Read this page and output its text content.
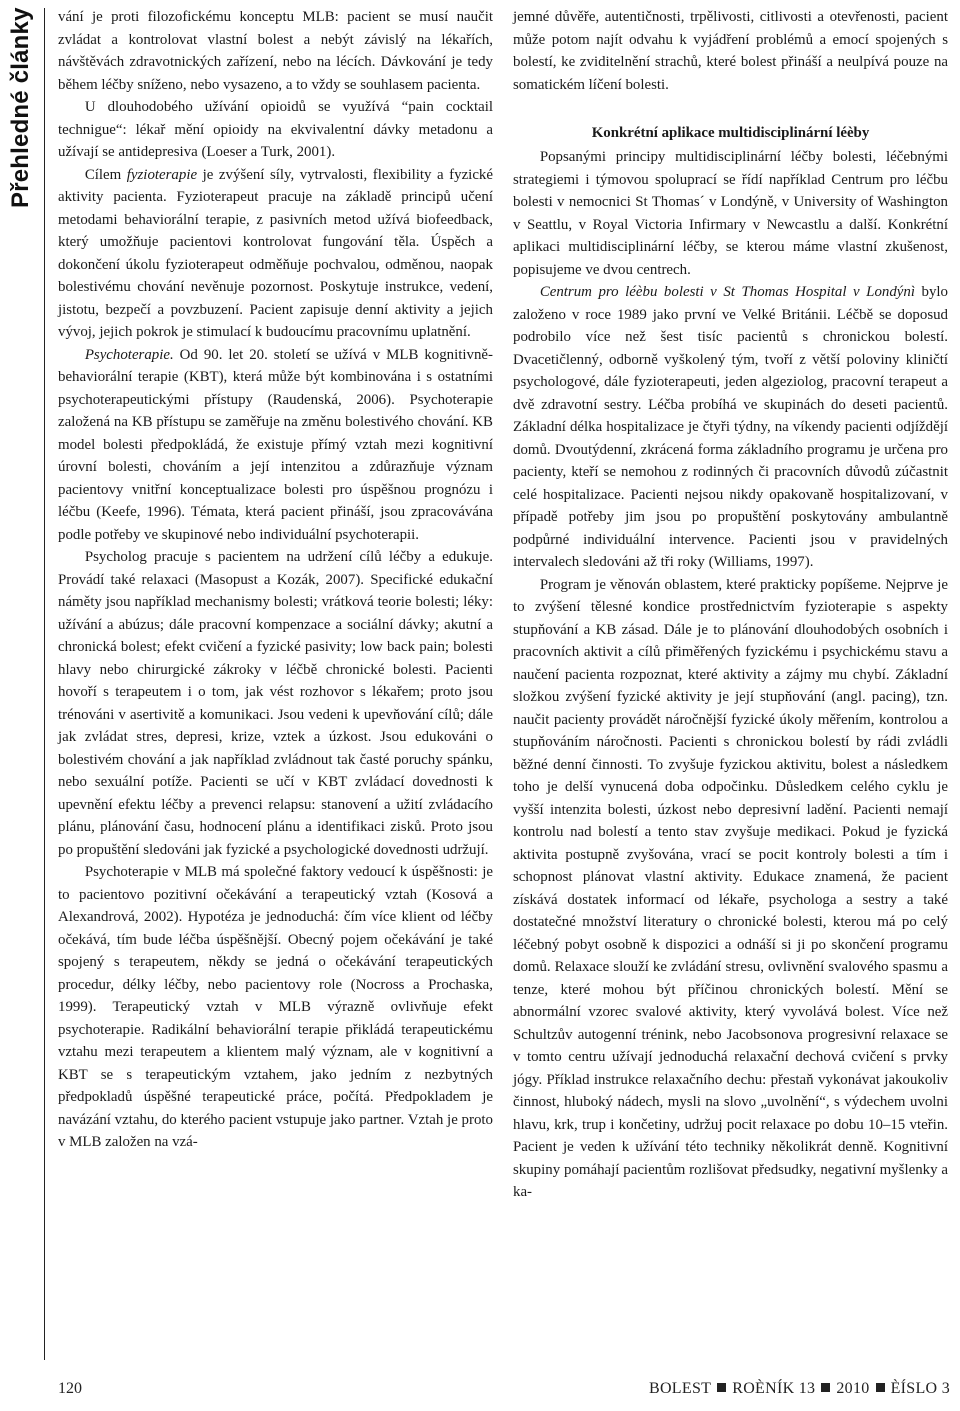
Přehledné články vání je proti filozofickému konceptu MLB: pacient se musí naučit zvládat a kontrolovat vlastní bolest a nebýt závislý na lékařích, návštěvách zdravotnických zařízení, nebo na lécích. Dávkování je tedy během léčby sníženo, nebo vysazeno, a to vždy se souhlasem pacienta.

U dlouhodobého užívání opioidů se využívá “pain cocktail technigue“: lékař mění opioidy na ekvivalentní dávky metadonu a užívají se antidepresiva (Loeser a Turk, 2001).

Cílem fyzioterapie je zvýšení síly, vytrvalosti, flexibility a fyzické aktivity pacienta. Fyzioterapeut pracuje na základě principů učení metodami behaviorální terapie, z pasivních metod užívá biofeedback, který umožňuje pacientovi kontrolovat fungování těla. Úspěch a dokončení úkolu fyzioterapeut odměňuje pochvalou, odměnou, naopak bolestivému chování nevěnuje pozornost. Poskytuje instrukce, vedení, jistotu, bezpečí a povzbuzení. Pacient zapisuje denní aktivity a jejich vývoj, jejich pokrok je stimulací k budoucímu pracovnímu uplatnění.

Psychoterapie. Od 90. let 20. století se užívá v MLB kognitivně-behaviorální terapie (KBT), která může být kombinována i s ostatními psychoterapeutickými přístupy (Raudenská, 2006). Psychoterapie založená na KB přístupu se zaměřuje na změnu bolestivého chování. KB model bolesti předpokládá, že existuje přímý vztah mezi kognitivní úrovní bolesti, chováním a její intenzitou a zdůrazňuje význam pacientovy vnitřní konceptualizace bolesti pro úspěšnou prognózu i léčbu (Keefe, 1996). Témata, která pacient přináší, jsou zpracovávána podle potřeby ve skupinové nebo individuální psychoterapii.

Psycholog pracuje s pacientem na udržení cílů léčby a edukuje. Provádí také relaxaci (Masopust a Kozák, 2007). Specifické edukační náměty jsou například mechanismy bolesti; vrátková teorie bolesti; léky: užívání a abúzus; dále pracovní kompenzace a sociální dávky; akutní a chronická bolest; efekt cvičení a fyzické pasivity; low back pain; bolesti hlavy nebo chirurgické zákroky v léčbě chronické bolesti. Pacienti hovoří s terapeutem i o tom, jak vést rozhovor s lékařem; proto jsou trénováni v asertivitě a komunikaci. Jsou vedeni k upevňování cílů; dále jak zvládat stres, depresi, krize, vztek a úzkost. Jsou edukováni o bolestivém chování a jak například zvládnout tak časté poruchy spánku, nebo sexuální potíže. Pacienti se učí v KBT zvládací dovednosti k upevnění efektu léčby a prevenci relapsu: stanovení a užití zvládacího plánu, plánování času, hodnocení plánu a identifikaci zisků. Proto jsou po propuštění sledováni jak fyzické a psychologické dovednosti udržují.

Psychoterapie v MLB má společné faktory vedoucí k úspěšnosti: je to pacientovo pozitivní očekávání a terapeutický vztah (Kosová a Alexandrová, 2002). Hypotéza je jednoduchá: čím více klient od léčby očekává, tím bude léčba úspěšnější. Obecný pojem očekávání je také spojený s terapeutem, někdy se jedná o očekávání terapeutických procedur, délky léčby, nebo pacientovy role (Nocross a Prochaska, 1999). Terapeutický vztah v MLB výrazně ovlivňuje efekt psychoterapie. Radikální behaviorální terapie přikládá terapeutickému vztahu mezi terapeutem a klientem malý význam, ale v kognitivní a KBT se s terapeutickým vztahem, jako jedním z nezbytných předpokladů úspěšné terapeutické práce, počítá. Předpokladem je navázání vztahu, do kterého pacient vstupuje jako partner. Vztah je proto v MLB založen na vzá-

jemné důvěře, autentičnosti, trpělivosti, citlivosti a otevřenosti, pacient může potom najít odvahu k vyjádření problémů a emocí spojených s bolestí, ke zviditelnění strachů, které bolest přináší a neulpívá pouze na somatickém líčení bolesti.

Konkrétní aplikace multidisciplinární léèby

Popsanými principy multidisciplinární léčby bolesti, léčebnými strategiemi i týmovou spoluprací se řídí například Centrum pro léčbu bolesti v nemocnici St Thomas´ v Londýně, v University of Washington v Seattlu, v Royal Victoria Infirmary v Newcastlu a další. Konkrétní aplikaci multidisciplinární léčby, se kterou máme vlastní zkušenost, popisujeme ve dvou centrech.

Centrum pro léèbu bolesti v St Thomas Hospital v Londýnì bylo založeno v roce 1989 jako první ve Velké Británii. Léčbě se doposud podrobilo více než šest tisíc pacientů s chronickou bolestí. Dvacetičlenný, odborně vyškolený tým, tvoří z větší poloviny kliničtí psychologové, dále fyzioterapeuti, jeden algeziolog, pracovní terapeut a dvě zdravotní sestry. Léčba probíhá ve skupinách do deseti pacientů. Základní délka hospitalizace je čtyři týdny, na víkendy pacienti odjíždějí domů. Dvoutýdenní, zkrácená forma základního programu je určena pro pacienty, kteří se nemohou z rodinných či pracovních důvodů zúčastnit celé hospitalizace. Pacienti nejsou nikdy opakovaně hospitalizovaní, v případě potřeby jim jsou po propuštění poskytovány ambulantně podpůrné individuální intervence. Pacienti jsou v pravidelných intervalech sledováni až tři roky (Williams, 1997).

Program je věnován oblastem, které prakticky popíšeme. Nejprve je to zvýšení tělesné kondice prostřednictvím fyzioterapie s aspekty stupňování a KB zásad. Dále je to plánování dlouhodobých osobních i pracovních aktivit a cílů přiměřených fyzickému i psychickému stavu a naučení pacienta rozpoznat, které aktivity a zájmy mu chybí. Základní složkou zvýšení fyzické aktivity je její stupňování (angl. pacing), tzn. naučit pacienty provádět náročnější fyzické úkoly měřením, kontrolou a stupňováním náročnosti. Pacienti s chronickou bolestí by rádi zvládli běžné denní činnosti. To zvyšuje fyzickou aktivitu, bolest a následkem toho je delší vynucená doba odpočinku. Důsledkem celého cyklu je vyšší intenzita bolesti, úzkost nebo depresivní ladění. Pacienti nemají kontrolu nad bolestí a tento stav zvyšuje medikaci. Pokud je fyzická aktivita postupně zvyšována, vrací se pocit kontroly bolesti a tím i schopnost plánovat vlastní aktivity. Edukace znamená, že pacient získává dostatek informací od lékaře, psychologa a sestry a také dostatečné množství literatury o chronické bolesti, kterou má po celý léčebný pobyt osobně k dispozici a odnáší si ji po skončení programu domů. Relaxace slouží ke zvládání stresu, ovlivnění svalového spasmu a tenze, které mohou být příčinou chronických bolestí. Mění se abnormální vzorec svalové aktivity, který vyvolává bolest. Více než Schultzův autogenní trénink, nebo Jacobsonova progresivní relaxace se v tomto centru užívají jednoduchá relaxační dechová cvičení s prvky jógy. Příklad instrukce relaxačního dechu: přestaň vykonávat jakoukoliv činnost, hluboký nádech, mysli na slovo „uvolnění“, s výdechem uvolni hlavu, krk, trup i končetiny, udržuj pocit relaxace po dobu 10–15 vteřin. Pacient je veden k užívání této techniky několikrát denně. Kognitivní skupiny pomáhají pacientům rozlišovat předsudky, negativní myšlenky a ka-

120	BOLEST ROÈNÍK 13 2010 ÈÍSLO 3
